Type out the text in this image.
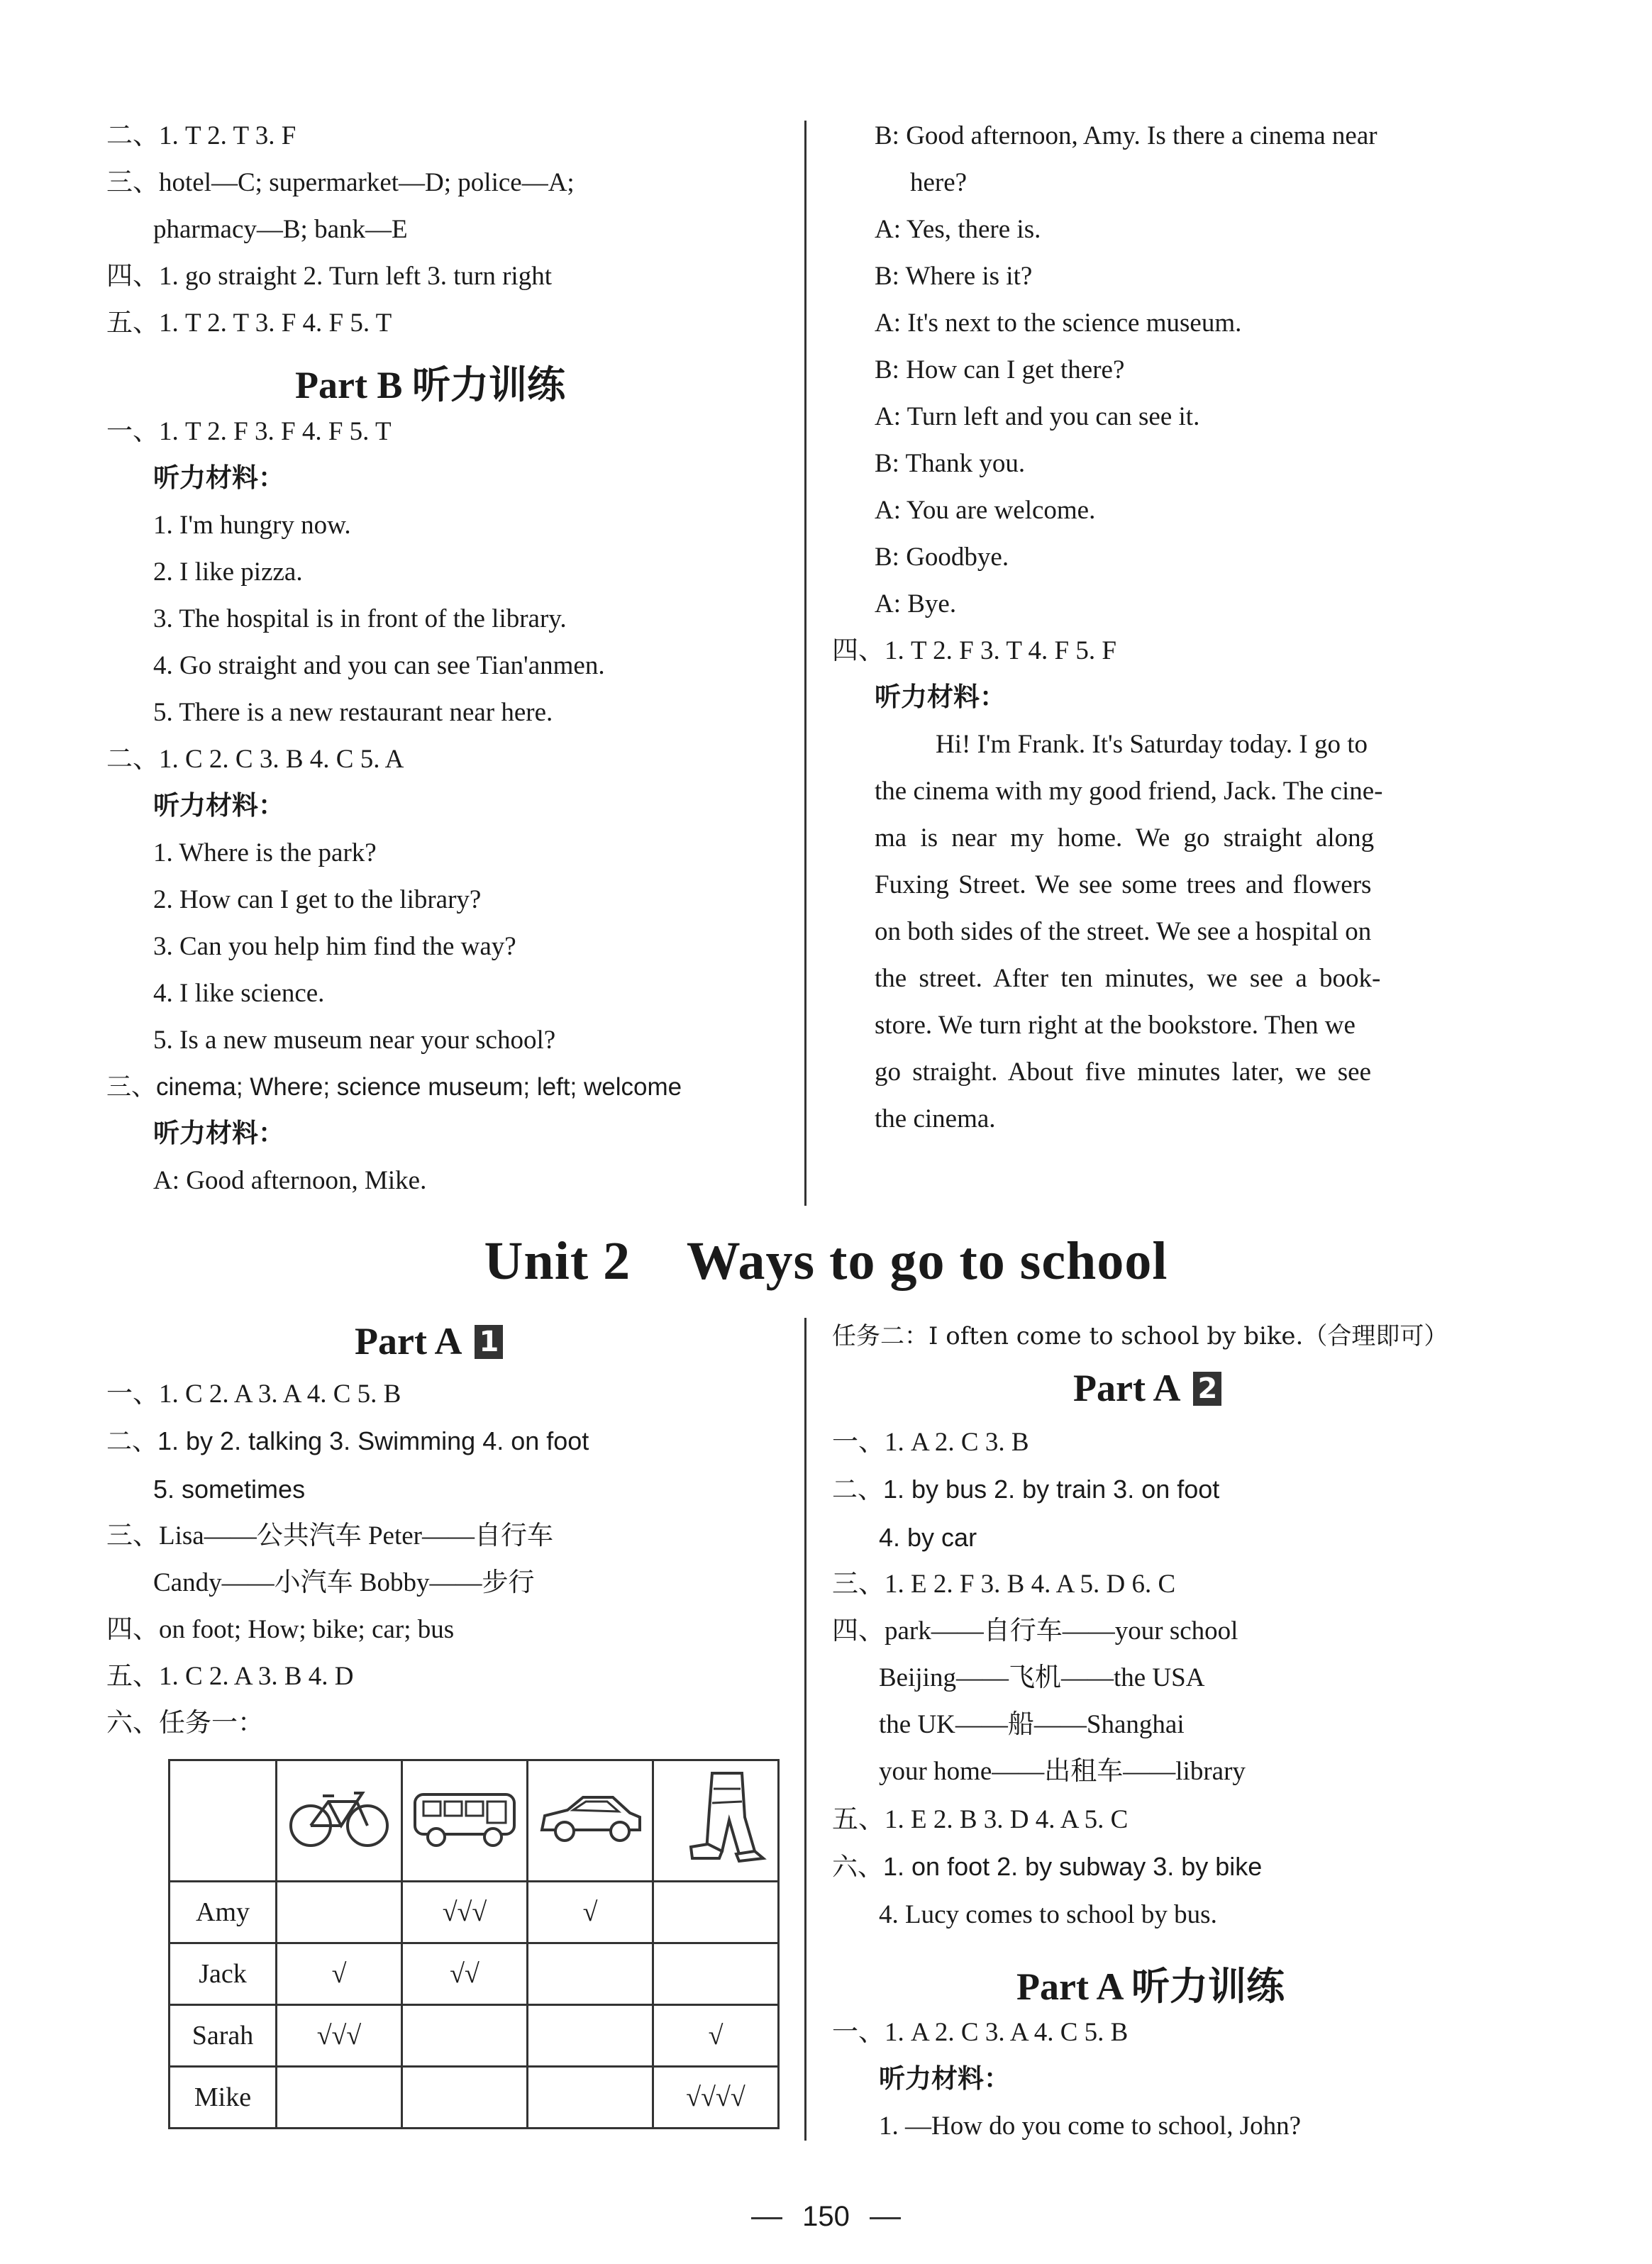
二、1. T 2. T 3. F
三、hotel—C; supermarket—D; police—A;
pharmacy—B; bank—E
四、1. go straight 2. Turn left 3. turn right
五、1. T 2. T 3. F 4. F 5. T
Part B 听力训练
一、1. T 2. F 3. F 4. F 5. T
听力材料：
1. I'm hungry now.
2. I like pizza.
3. The hospital is in front of the library.
4. Go straight and you can see Tian'anmen.
5. There is a new restaurant near here.
二、1. C 2. C 3. B 4. C 5. A
听力材料：
1. Where is the park?
2. How can I get to the library?
3. Can you help him find the way?
4. I like science.
5. Is a new museum near your school?
三、cinema; Where; science museum; left; welcome
听力材料：
A: Good afternoon, Mike.
B: Good afternoon, Amy. Is there a cinema near
here?
A: Yes, there is.
B: Where is it?
A: It's next to the science museum.
B: How can I get there?
A: Turn left and you can see it.
B: Thank you.
A: You are welcome.
B: Goodbye.
A: Bye.
四、1. T 2. F 3. T 4. F 5. F
听力材料：
Hi! I'm Frank. It's Saturday today. I go to
the cinema with my good friend, Jack. The cine-
ma is near my home. We go straight along
Fuxing Street. We see some trees and flowers
on both sides of the street. We see a hospital on
the street. After ten minutes, we see a book-
store. We turn right at the bookstore. Then we
go straight. About five minutes later, we see
the cinema.
Unit 2    Ways to go to school
Part A 1
一、1. C 2. A 3. A 4. C 5. B
二、1. by 2. talking 3. Swimming 4. on foot
5. sometimes
三、Lisa——公共汽车 Peter——自行车
Candy——小汽车 Bobby——步行
四、on foot; How; bike; car; bus
五、1. C 2. A 3. B 4. D
六、任务一：

Amy		√√√	√	
Jack	√	√√		
Sarah	√√√			√
Mike				√√√√
任务二：I often come to school by bike.（合理即可）
Part A 2
一、1. A 2. C 3. B
二、1. by bus 2. by train 3. on foot
4. by car
三、1. E 2. F 3. B 4. A 5. D 6. C
四、park——自行车——your school
Beijing——飞机——the USA
the UK——船——Shanghai
your home——出租车——library
五、1. E 2. B 3. D 4. A 5. C
六、1. on foot 2. by subway 3. by bike
4. Lucy comes to school by bus.
Part A 听力训练
一、1. A 2. C 3. A 4. C 5. B
听力材料：
1. —How do you come to school, John?
150
